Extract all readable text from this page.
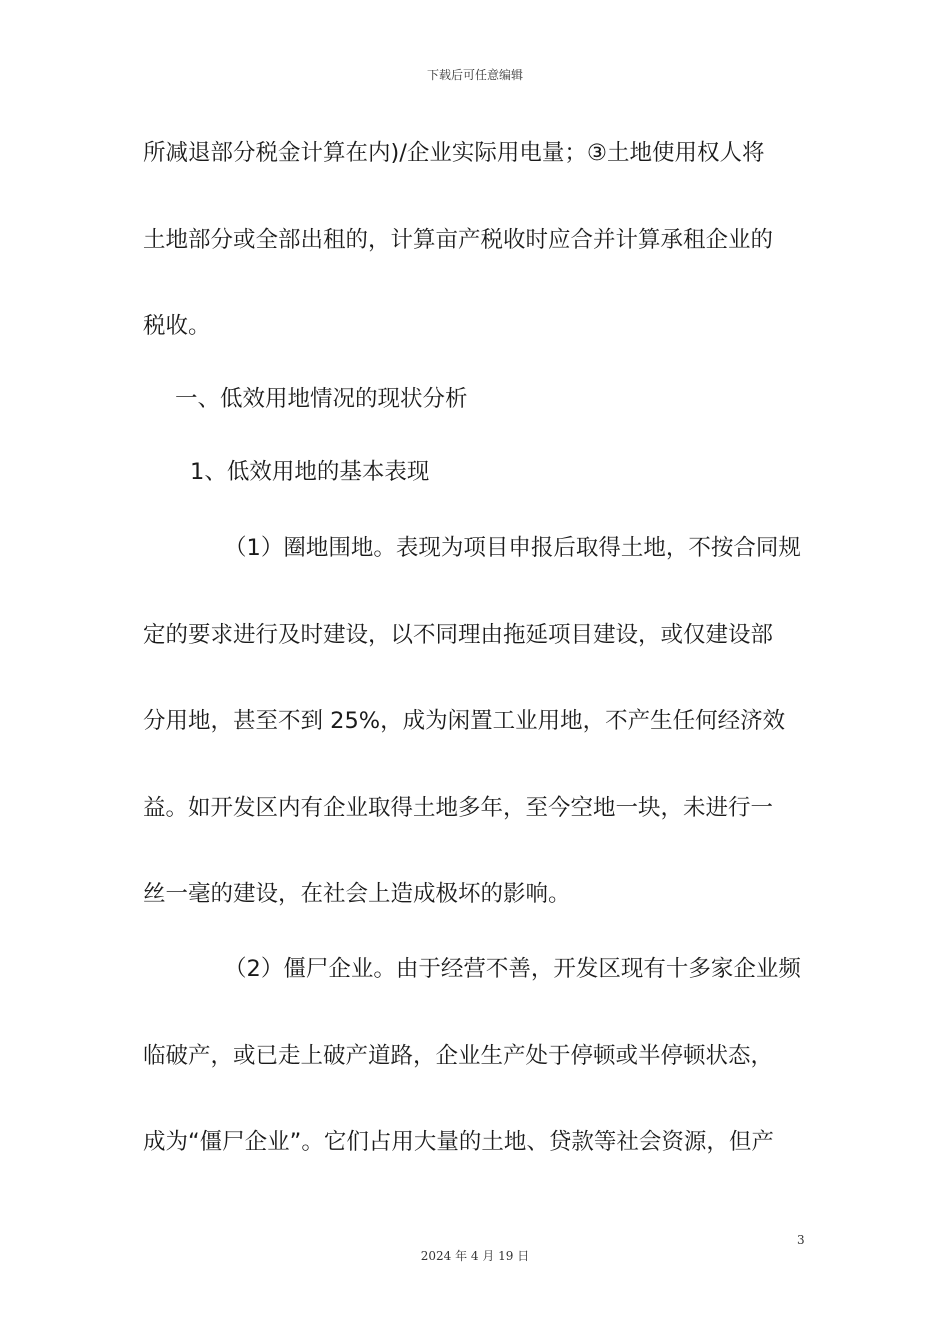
下载后可任意编辑
所减退部分税金计算在内)/企业实际用电量；③土地使用权人将
土地部分或全部出租的，计算亩产税收时应合并计算承租企业的
税收。
一、低效用地情况的现状分析
1、低效用地的基本表现
（1）圈地围地。表现为项目申报后取得土地，不按合同规
定的要求进行及时建设，以不同理由拖延项目建设，或仅建设部
分用地，甚至不到 25%，成为闲置工业用地，不产生任何经济效
益。如开发区内有企业取得土地多年，至今空地一块，未进行一
丝一毫的建设，在社会上造成极坏的影响。
（2）僵尸企业。由于经营不善，开发区现有十多家企业频
临破产，或已走上破产道路，企业生产处于停顿或半停顿状态，
成为“僵尸企业”。它们占用大量的土地、贷款等社会资源，但产
3
2024 年 4 月 19 日
